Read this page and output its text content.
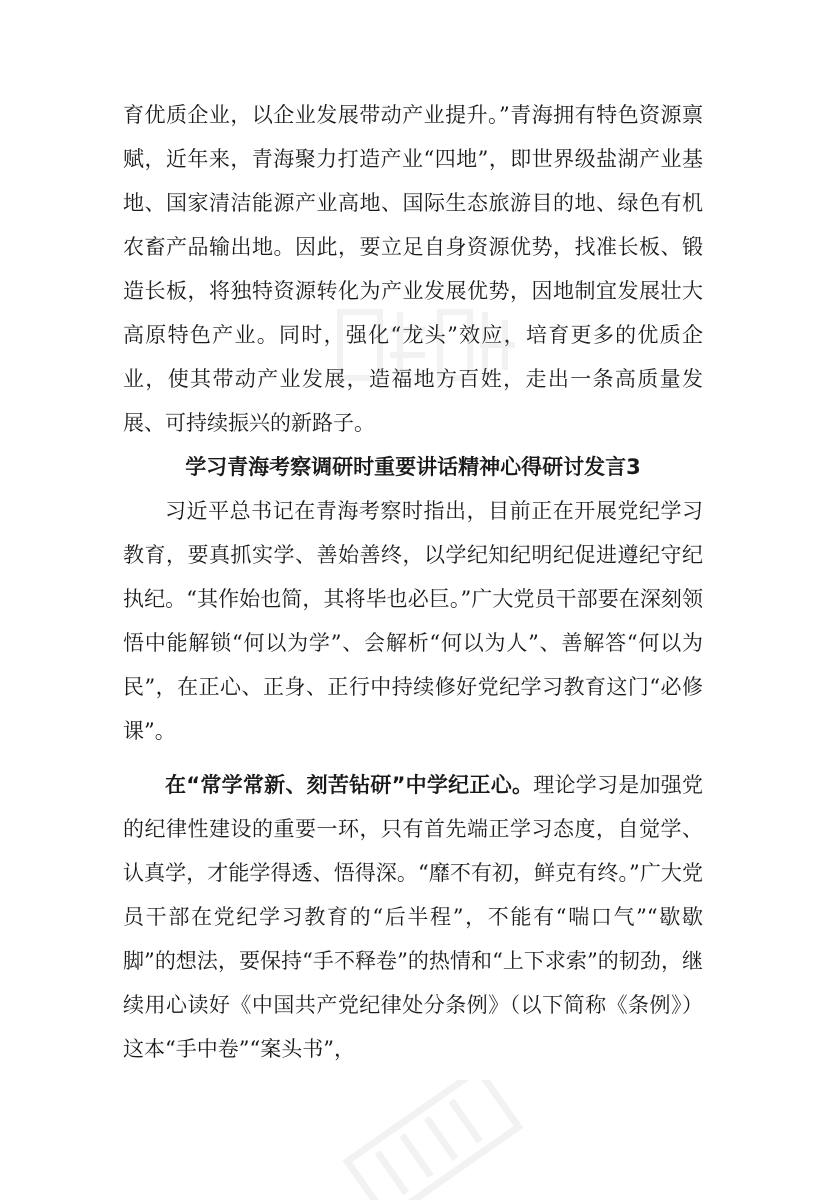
育优质企业，以企业发展带动产业提升。”青海拥有特色资源禀赋，近年来，青海聚力打造产业“四地”，即世界级盐湖产业基地、国家清洁能源产业高地、国际生态旅游目的地、绿色有机农畜产品输出地。因此，要立足自身资源优势，找准长板、锻造长板，将独特资源转化为产业发展优势，因地制宜发展壮大高原特色产业。同时，强化“龙头”效应，培育更多的优质企业，使其带动产业发展，造福地方百姓，走出一条高质量发展、可持续振兴的新路子。

学习青海考察调研时重要讲话精神心得研讨发言3

习近平总书记在青海考察时指出，目前正在开展党纪学习教育，要真抓实学、善始善终，以学纪知纪明纪促进遵纪守纪执纪。“其作始也简，其将毕也必巨。”广大党员干部要在深刻领悟中能解锁“何以为学”、会解析“何以为人”、善解答“何以为民”，在正心、正身、正行中持续修好党纪学习教育这门“必修课”。

在“常学常新、刻苦钻研”中学纪正心。理论学习是加强党的纪律性建设的重要一环，只有首先端正学习态度，自觉学、认真学，才能学得透、悟得深。“靡不有初，鲜克有终。”广大党员干部在党纪学习教育的“后半程”，不能有“喘口气”“歇歇脚”的想法，要保持“手不释卷”的热情和“上下求索”的韧劲，继续用心读好《中国共产党纪律处分条例》（以下简称《条例》）这本“手中卷”“案头书”，
